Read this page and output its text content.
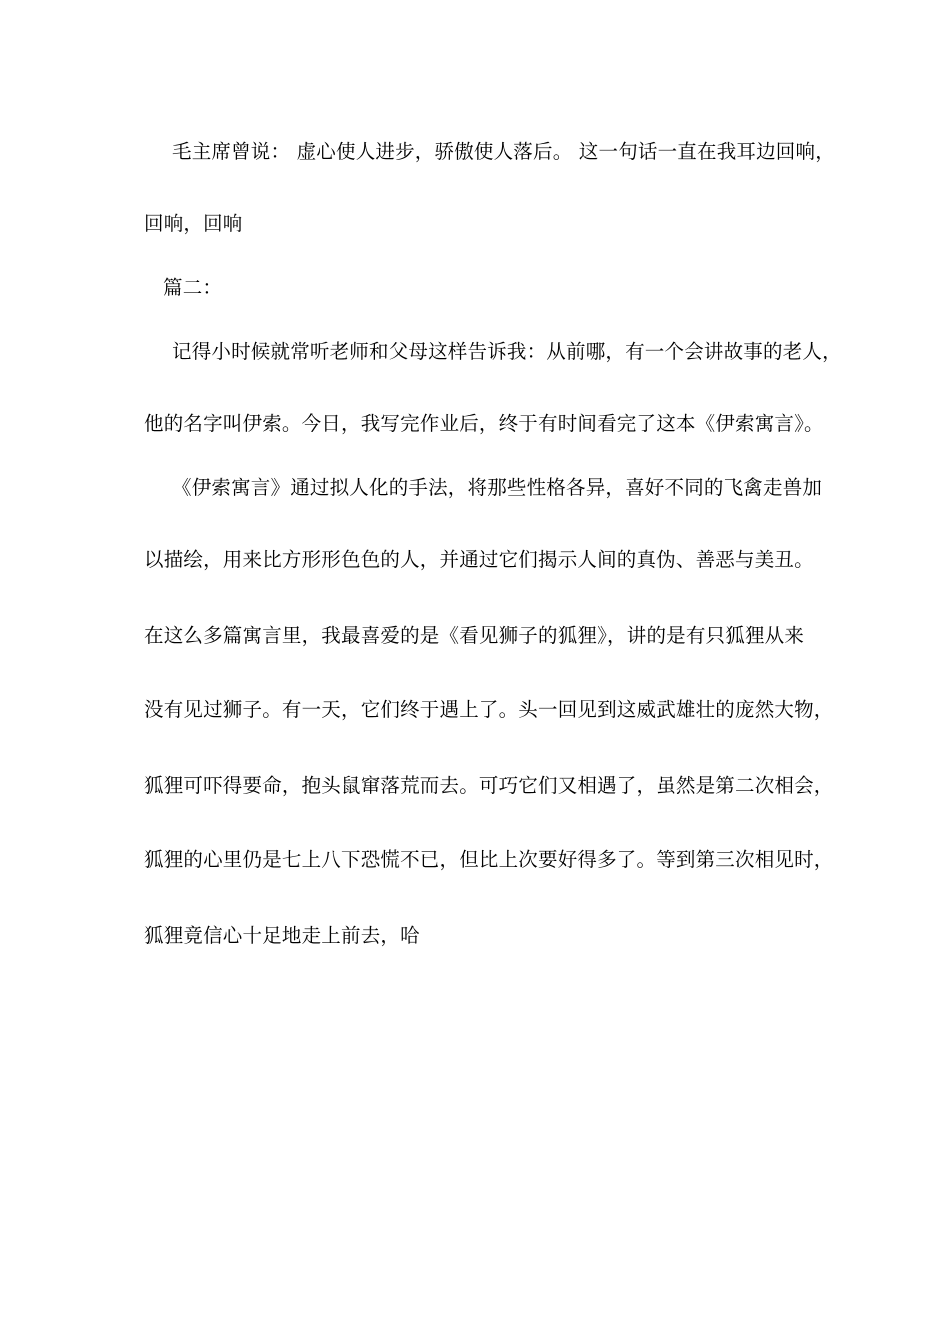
毛主席曾说： 虚心使人进步，骄傲使人落后。 这一句话一直在我耳边回响，
回响，回响
篇二：
记得小时候就常听老师和父母这样告诉我：从前哪，有一个会讲故事的老人，
他的名字叫伊索。今日，我写完作业后，终于有时间看完了这本《伊索寓言》。
《伊索寓言》通过拟人化的手法，将那些性格各异，喜好不同的飞禽走兽加
以描绘，用来比方形形色色的人，并通过它们揭示人间的真伪、善恶与美丑。
在这么多篇寓言里，我最喜爱的是《看见狮子的狐狸》，讲的是有只狐狸从来
没有见过狮子。有一天，它们终于遇上了。头一回见到这威武雄壮的庞然大物，
狐狸可吓得要命，抱头鼠窜落荒而去。可巧它们又相遇了，虽然是第二次相会，
狐狸的心里仍是七上八下恐慌不已，但比上次要好得多了。等到第三次相见时，
狐狸竟信心十足地走上前去，哈
